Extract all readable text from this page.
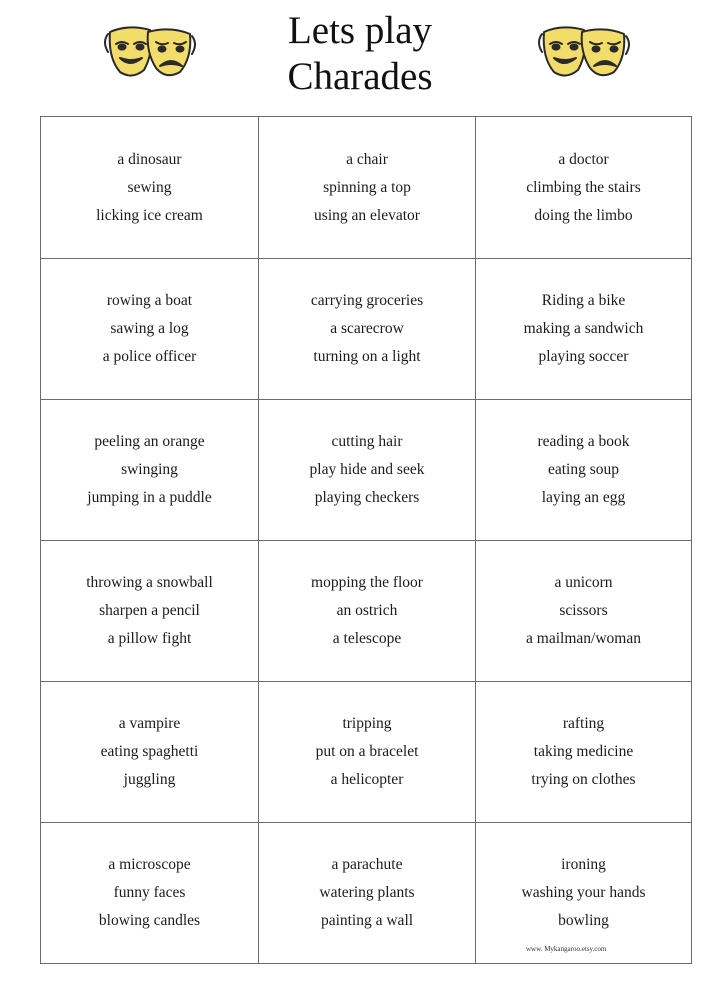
Lets play
Charades
a dinosaur
sewing
licking ice cream
a chair
spinning a top
using an elevator
a doctor
climbing the stairs
doing the limbo
rowing a boat
sawing a log
a police officer
carrying groceries
a scarecrow
turning on a light
Riding a bike
making a sandwich
playing soccer
peeling an orange
swinging
jumping in a puddle
cutting hair
play hide and seek
playing checkers
reading a book
eating soup
laying an egg
throwing a snowball
sharpen a pencil
a pillow fight
mopping the floor
an ostrich
a telescope
a unicorn
scissors
a mailman/woman
a vampire
eating spaghetti
juggling
tripping
put on a bracelet
a helicopter
rafting
taking medicine
trying on clothes
a microscope
funny faces
blowing candles
a parachute
watering plants
painting a wall
ironing
washing your hands
bowling
www. Mykangaroo.etsy.com
